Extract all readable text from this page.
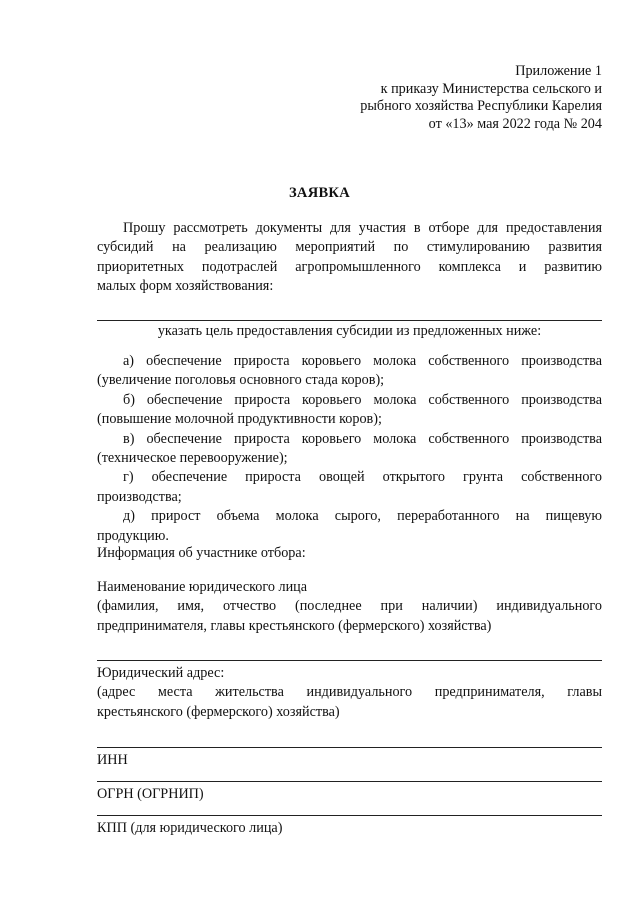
Приложение 1
к приказу Министерства сельского и
рыбного хозяйства Республики Карелия
от «13» мая 2022 года № 204
ЗАЯВКА
Прошу рассмотреть документы для участия в отборе для предоставления
субсидий на реализацию мероприятий по стимулированию развития
приоритетных подотраслей агропромышленного комплекса и развитию
малых форм хозяйствования:
указать цель предоставления субсидии из предложенных ниже:
а) обеспечение прироста коровьего молока собственного производства
(увеличение поголовья основного стада коров);
б) обеспечение прироста коровьего молока собственного производства
(повышение молочной продуктивности коров);
в) обеспечение прироста коровьего молока собственного производства
(техническое перевооружение);
г) обеспечение прироста овощей открытого грунта собственного
производства;
д) прирост объема молока сырого, переработанного на пищевую
продукцию.
Информация об участнике отбора:
Наименование юридического лица
(фамилия, имя, отчество (последнее при наличии) индивидуального
предпринимателя, главы крестьянского (фермерского) хозяйства)
Юридический адрес:
(адрес места жительства индивидуального предпринимателя, главы
крестьянского (фермерского) хозяйства)
ИНН
ОГРН (ОГРНИП)
КПП (для юридического лица)
